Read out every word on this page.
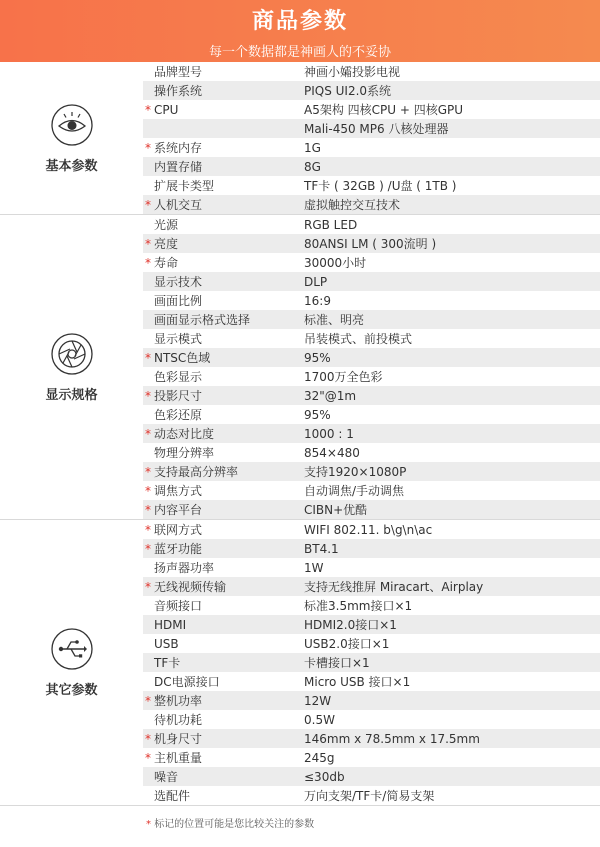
商品参数
每一个数据都是神画人的不妥协
基本参数
品牌型号	神画小孀投影电视
操作系统	PIQS UI2.0系统
* CPU	A5架构 四核CPU + 四核GPU
Mali-450 MP6 八核处理器
* 系统内存	1G
内置存储	8G
扩展卡类型	TF卡 ( 32GB ) /U盘 ( 1TB )
* 人机交互	虚拟触控交互技术
显示规格
光源	RGB LED
* 亮度	80ANSI LM ( 300流明 )
* 寿命	30000小时
显示技术	DLP
画面比例	16:9
画面显示格式选择	标准、明亮
显示模式	吊装模式、前投模式
* NTSC色域	95%
色彩显示	1700万全色彩
* 投影尺寸	32"@1m
色彩还原	95%
* 动态对比度	1000 : 1
物理分辨率	854×480
* 支持最高分辨率	支持1920×1080P
* 调焦方式	自动调焦/手动调焦
* 内容平台	CIBN+优酷
其它参数
* 联网方式	WIFI 802.11. b\g\n\ac
* 蓝牙功能	BT4.1
扬声器功率	1W
* 无线视频传输	支持无线推屏 Miracart、Airplay
音频接口	标准3.5mm接口×1
HDMI	HDMI2.0接口×1
USB	USB2.0接口×1
TF卡	卡槽接口×1
DC电源接口	Micro USB 接口×1
* 整机功率	12W
待机功耗	0.5W
* 机身尺寸	146mm x 78.5mm x 17.5mm
* 主机重量	245g
噪音	≤30db
选配件	万向支架/TF卡/简易支架
* 标记的位置可能是您比较关注的参数
